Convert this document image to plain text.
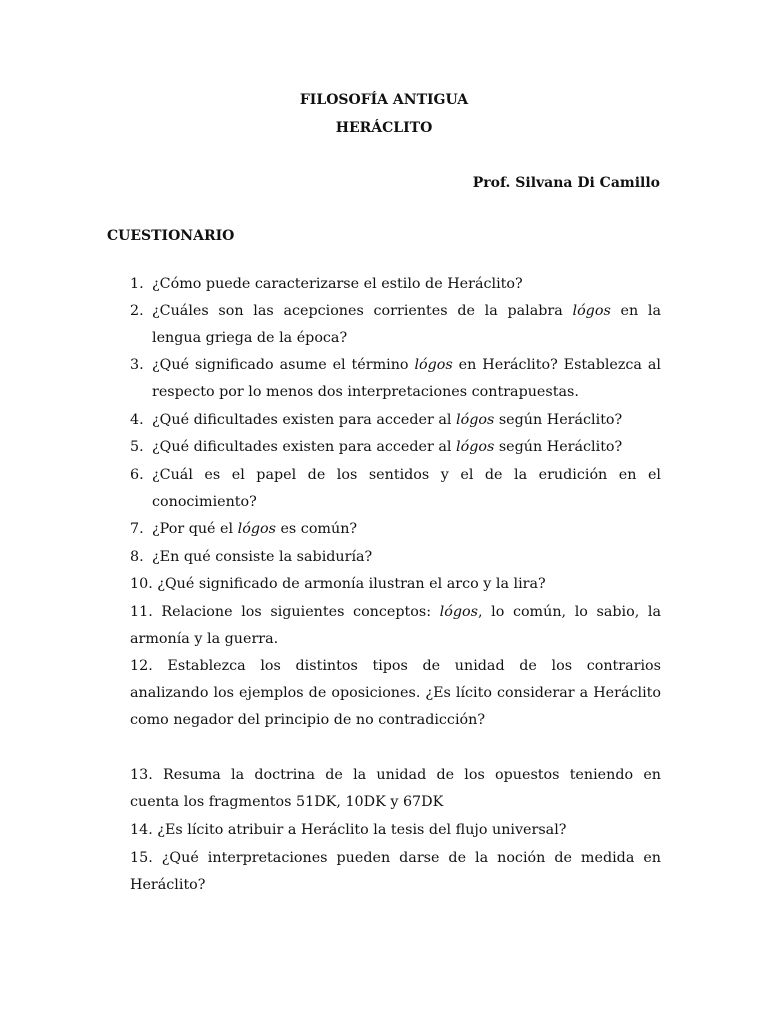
FILOSOFÍA ANTIGUA
HERÁCLITO
Prof. Silvana Di Camillo
CUESTIONARIO
1. ¿Cómo puede caracterizarse el estilo de Heráclito?
2. ¿Cuáles son las acepciones corrientes de la palabra lógos en la
lengua griega de la época?
3. ¿Qué significado asume el término lógos en Heráclito? Establezca al
respecto por lo menos dos interpretaciones contrapuestas.
4. ¿Qué dificultades existen para acceder al lógos según Heráclito?
5. ¿Qué dificultades existen para acceder al lógos según Heráclito?
6. ¿Cuál es el papel de los sentidos y el de la erudición en el
conocimiento?
7. ¿Por qué el lógos es común?
8. ¿En qué consiste la sabiduría?
10. ¿Qué significado de armonía ilustran el arco y la lira?
11. Relacione los siguientes conceptos: lógos, lo común, lo sabio, la
armonía y la guerra.
12. Establezca los distintos tipos de unidad de los contrarios
analizando los ejemplos de oposiciones. ¿Es lícito considerar a Heráclito
como negador del principio de no contradicción?
13. Resuma la doctrina de la unidad de los opuestos teniendo en
cuenta los fragmentos 51DK, 10DK y 67DK
14. ¿Es lícito atribuir a Heráclito la tesis del flujo universal?
15. ¿Qué interpretaciones pueden darse de la noción de medida en
Heráclito?
